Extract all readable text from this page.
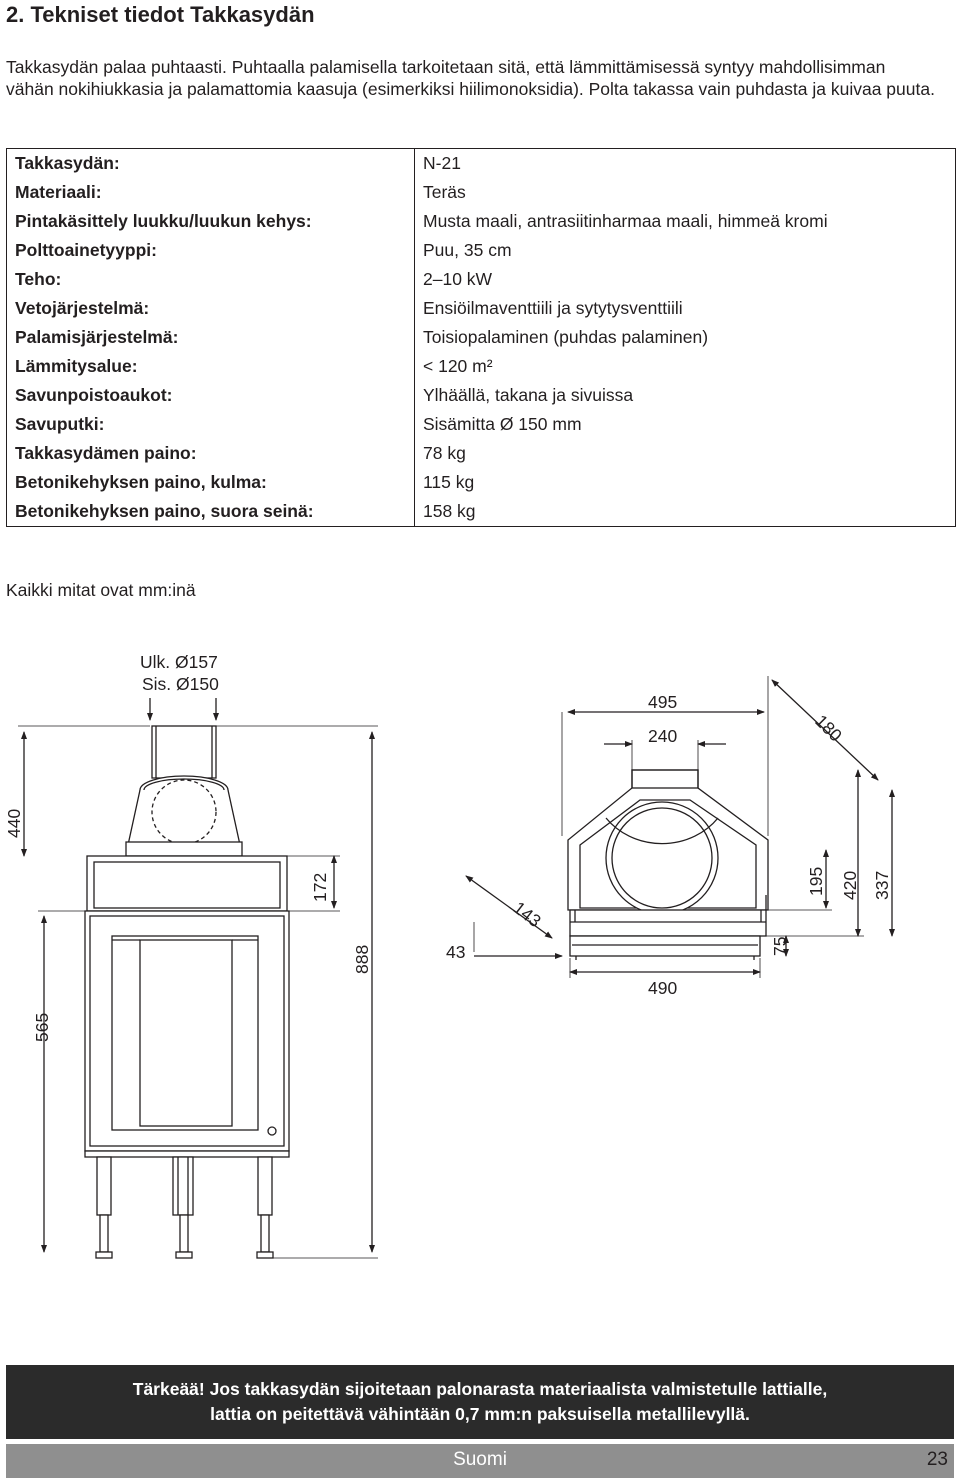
2. Tekniset tiedot Takkasydän

Takkasydän palaa puhtaasti. Puhtaalla palamisella tarkoitetaan sitä, että lämmittämisessä syntyy mahdollisimman vähän nokihiukkasia ja palamattomia kaasuja (esimerkiksi hiilimonoksidia). Polta takassa vain puhdasta ja kuivaa puuta.

Takkasydän:	N-21
Materiaali:	Teräs
Pintakäsittely luukku/luukun kehys:	Musta maali, antrasiitinharmaa maali, himmeä kromi
Polttoainetyyppi:	Puu, 35 cm
Teho:	2–10 kW
Vetojärjestelmä:	Ensiöilmaventtiili ja sytytysventtiili
Palamisjärjestelmä:	Toisiopalaminen (puhdas palaminen)
Lämmitysalue:	< 120 m²
Savunpoistoaukot:	Ylhäällä, takana ja sivuissa
Savuputki:	Sisämitta Ø 150 mm
Takkasydämen paino:	78 kg
Betonikehyksen paino, kulma:	115 kg
Betonikehyksen paino, suora seinä:	158 kg
Kaikki mitat ovat mm:inä
Ulk. Ø157
Sis. Ø150
440
565
172
888
495
240	180
195 420 337
143
43	75
490
Tärkeää! Jos takkasydän sijoitetaan palonarasta materiaalista valmistetulle lattialle,
lattia on peitettävä vähintään 0,7 mm:n paksuisella metallilevyllä.
Suomi	23
